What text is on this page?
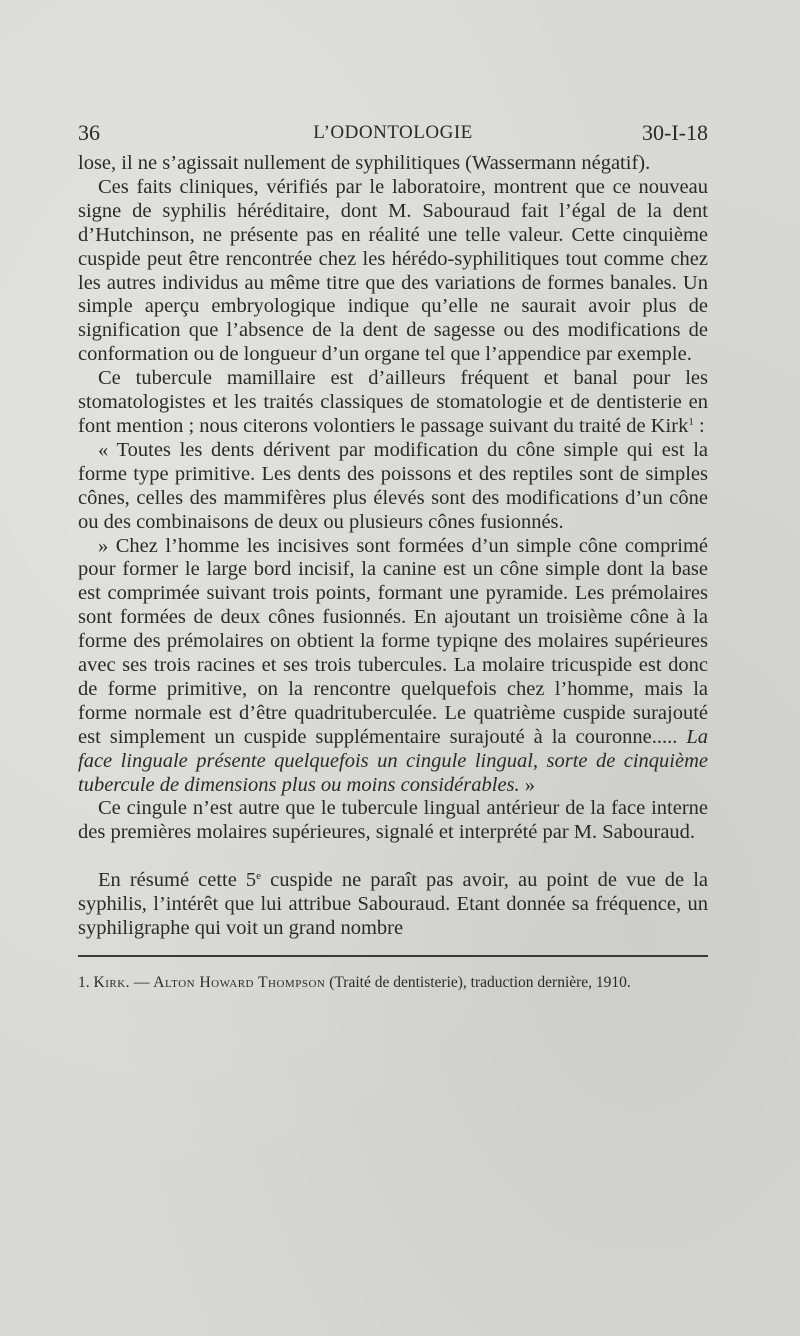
36	L’ODONTOLOGIE	30-I-18

lose, il ne s’agissait nullement de syphilitiques (Wassermann négatif).

Ces faits cliniques, vérifiés par le laboratoire, montrent que ce nouveau signe de syphilis héréditaire, dont M. Sabouraud fait l’égal de la dent d’Hutchinson, ne présente pas en réalité une telle valeur. Cette cinquième cuspide peut être rencontrée chez les hérédo-syphilitiques tout comme chez les autres individus au même titre que des variations de formes banales. Un simple aperçu embryologique indique qu’elle ne saurait avoir plus de signification que l’absence de la dent de sagesse ou des modifications de conformation ou de longueur d’un organe tel que l’appendice par exemple.

Ce tubercule mamillaire est d’ailleurs fréquent et banal pour les stomatologistes et les traités classiques de stomatologie et de dentisterie en font mention ; nous citerons volontiers le passage suivant du traité de Kirk$^1$ :

« Toutes les dents dérivent par modification du cône simple qui est la forme type primitive. Les dents des poissons et des reptiles sont de simples cônes, celles des mammifères plus élevés sont des modifications d’un cône ou des combinaisons de deux ou plusieurs cônes fusionnés.

» Chez l’homme les incisives sont formées d’un simple cône comprimé pour former le large bord incisif, la canine est un cône simple dont la base est comprimée suivant trois points, formant une pyramide. Les prémolaires sont formées de deux cônes fusionnés. En ajoutant un troisième cône à la forme des prémolaires on obtient la forme typiqne des molaires supérieures avec ses trois racines et ses trois tubercules. La molaire tricuspide est donc de forme primitive, on la rencontre quelquefois chez l’homme, mais la forme normale est d’être quadrituberculée. Le quatrième cuspide surajouté est simplement un cuspide supplémentaire surajouté à la couronne..... La face linguale présente quelquefois un cingule lingual, sorte de cinquième tubercule de dimensions plus ou moins considérables. »

Ce cingule n’est autre que le tubercule lingual antérieur de la face interne des premières molaires supérieures, signalé et interprété par M. Sabouraud.

En résumé cette 5e cuspide ne paraît pas avoir, au point de vue de la syphilis, l’intérêt que lui attribue Sabouraud. Etant donnée sa fréquence, un syphiligraphe qui voit un grand nombre

1. Kirk. — Alton Howard Thompson (Traité de dentisterie), traduction dernière, 1910.
